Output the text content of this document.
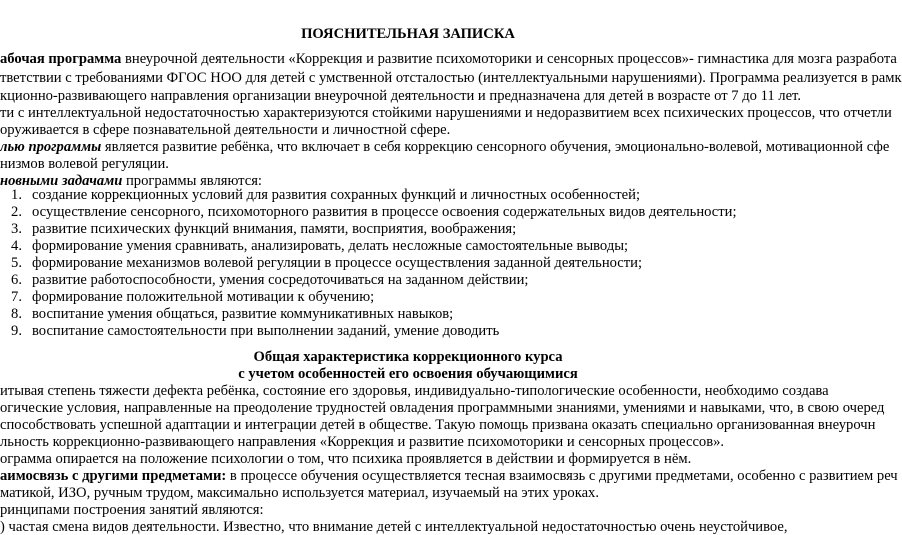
ПОЯСНИТЕЛЬНАЯ ЗАПИСКА
абочая программа внеурочной деятельности «Коррекция и развитие психомоторики и сенсорных процессов»- гимнастика для мозга разработа
тветствии с требованиями ФГОС НОО для детей с умственной отсталостью (интеллектуальными нарушениями). Программа реализуется в рамк
кционно-развивающего направления организации внеурочной деятельности и предназначена для детей в возрасте от 7 до 11 лет.
ти с интеллектуальной недостаточностью характеризуются стойкими нарушениями и недоразвитием всех психических процессов, что отчетли
оруживается в сфере познавательной деятельности и личностной сфере.
лью программы является развитие ребёнка, что включает в себя коррекцию сенсорного обучения, эмоционально-волевой, мотивационной сфе
низмов волевой регуляции.
новными задачами программы являются:
1. создание коррекционных условий для развития сохранных функций и личностных особенностей;
2. осуществление сенсорного, психомоторного развития в процессе освоения содержательных видов деятельности;
3. развитие психических функций внимания, памяти, восприятия, воображения;
4. формирование умения сравнивать, анализировать, делать несложные самостоятельные выводы;
5. формирование механизмов волевой регуляции в процессе осуществления заданной деятельности;
6. развитие работоспособности, умения сосредоточиваться на заданном действии;
7. формирование положительной мотивации к обучению;
8. воспитание умения общаться, развитие коммуникативных навыков;
9. воспитание самостоятельности при выполнении заданий, умение доводить
Общая характеристика коррекционного курса
с учетом особенностей его освоения обучающимися
итывая степень тяжести дефекта ребёнка, состояние его здоровья, индивидуально-типологические особенности, необходимо создава
огические условия, направленные на преодоление трудностей овладения программными знаниями, умениями и навыками, что, в свою очеред
способствовать успешной адаптации и интеграции детей в обществе. Такую помощь призвана оказать специально организованная внеурочн
льность коррекционно-развивающего направления «Коррекция и развитие психомоторики и сенсорных процессов».
ограмма опирается на положение психологии о том, что психика проявляется в действии и формируется в нём.
аимосвязь с другими предметами: в процессе обучения осуществляется тесная взаимосвязь с другими предметами, особенно с развитием реч
матикой, ИЗО, ручным трудом, максимально используется материал, изучаемый на этих уроках.
ринципами построения занятий являются:
) частая смена видов деятельности. Известно, что внимание детей с интеллектуальной недостаточностью очень неустойчивое,
